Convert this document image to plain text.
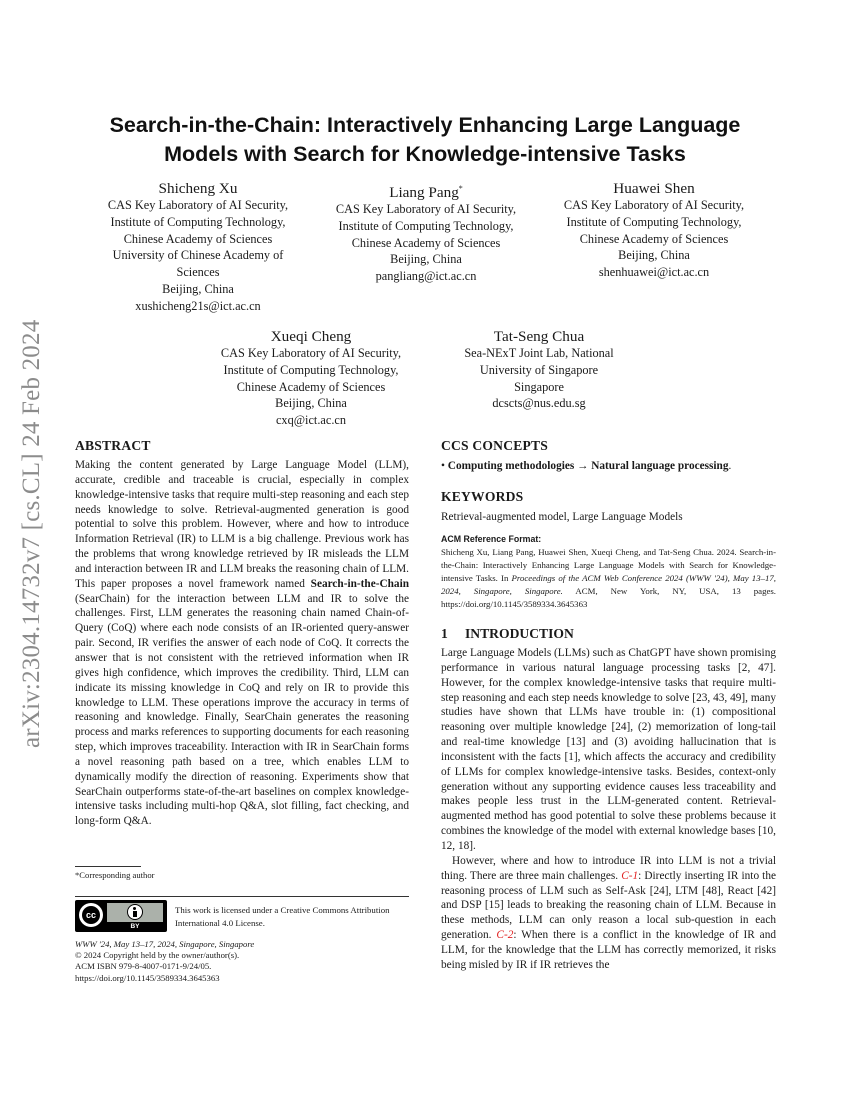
arXiv:2304.14732v7 [cs.CL] 24 Feb 2024
Search-in-the-Chain: Interactively Enhancing Large Language
Models with Search for Knowledge-intensive Tasks
Shicheng Xu
CAS Key Laboratory of AI Security,
Institute of Computing Technology,
Chinese Academy of Sciences
University of Chinese Academy of
Sciences
Beijing, China
xushicheng21s@ict.ac.cn
Liang Pang*
CAS Key Laboratory of AI Security,
Institute of Computing Technology,
Chinese Academy of Sciences
Beijing, China
pangliang@ict.ac.cn
Huawei Shen
CAS Key Laboratory of AI Security,
Institute of Computing Technology,
Chinese Academy of Sciences
Beijing, China
shenhuawei@ict.ac.cn
Xueqi Cheng
CAS Key Laboratory of AI Security,
Institute of Computing Technology,
Chinese Academy of Sciences
Beijing, China
cxq@ict.ac.cn
Tat-Seng Chua
Sea-NExT Joint Lab, National
University of Singapore
Singapore
dcscts@nus.edu.sg
ABSTRACT

Making the content generated by Large Language Model (LLM), accurate, credible and traceable is crucial, especially in complex knowledge-intensive tasks that require multi-step reasoning and each step needs knowledge to solve. Retrieval-augmented generation is good potential to solve this problem. However, where and how to introduce Information Retrieval (IR) to LLM is a big challenge. Previous work has the problems that wrong knowledge retrieved by IR misleads the LLM and interaction between IR and LLM breaks the reasoning chain of LLM. This paper proposes a novel framework named Search-in-the-Chain (SearChain) for the interaction between LLM and IR to solve the challenges. First, LLM generates the reasoning chain named Chain-of-Query (CoQ) where each node consists of an IR-oriented query-answer pair. Second, IR verifies the answer of each node of CoQ. It corrects the answer that is not consistent with the retrieved information when IR gives high confidence, which improves the credibility. Third, LLM can indicate its missing knowledge in CoQ and rely on IR to provide this knowledge to LLM. These operations improve the accuracy in terms of reasoning and knowledge. Finally, SearChain generates the reasoning process and marks references to supporting documents for each reasoning step, which improves traceability. Interaction with IR in SearChain forms a novel reasoning path based on a tree, which enables LLM to dynamically modify the direction of reasoning. Experiments show that SearChain outperforms state-of-the-art baselines on complex knowledge-intensive tasks including multi-hop Q&A, slot filling, fact checking, and long-form Q&A.

*Corresponding author
cc
BY
This work is licensed under a Creative Commons Attribution International 4.0 License.
WWW '24, May 13–17, 2024, Singapore, Singapore
© 2024 Copyright held by the owner/author(s).
ACM ISBN 979-8-4007-0171-9/24/05.
https://doi.org/10.1145/3589334.3645363
CCS CONCEPTS

• Computing methodologies → Natural language processing.

KEYWORDS

Retrieval-augmented model, Large Language Models

ACM Reference Format:

Shicheng Xu, Liang Pang, Huawei Shen, Xueqi Cheng, and Tat-Seng Chua. 2024. Search-in-the-Chain: Interactively Enhancing Large Language Models with Search for Knowledge-intensive Tasks. In Proceedings of the ACM Web Conference 2024 (WWW '24), May 13–17, 2024, Singapore, Singapore. ACM, New York, NY, USA, 13 pages. https://doi.org/10.1145/3589334.3645363

1 INTRODUCTION

Large Language Models (LLMs) such as ChatGPT have shown promising performance in various natural language processing tasks [2, 47]. However, for the complex knowledge-intensive tasks that require multi-step reasoning and each step needs knowledge to solve [23, 43, 49], many studies have shown that LLMs have trouble in: (1) compositional reasoning over multiple knowledge [24], (2) memorization of long-tail and real-time knowledge [13] and (3) avoiding hallucination that is inconsistent with the facts [1], which affects the accuracy and credibility of LLMs for complex knowledge-intensive tasks. Besides, context-only generation without any supporting evidence causes less traceability and makes people less trust in the LLM-generated content. Retrieval-augmented method has good potential to solve these problems because it combines the knowledge of the model with external knowledge bases [10, 12, 18].

However, where and how to introduce IR into LLM is not a trivial thing. There are three main challenges. C-1: Directly inserting IR into the reasoning process of LLM such as Self-Ask [24], LTM [48], React [42] and DSP [15] leads to breaking the reasoning chain of LLM. Because in these methods, LLM can only reason a local sub-question in each generation. C-2: When there is a conflict in the knowledge of IR and LLM, for the knowledge that the LLM has correctly memorized, it risks being misled by IR if IR retrieves the
